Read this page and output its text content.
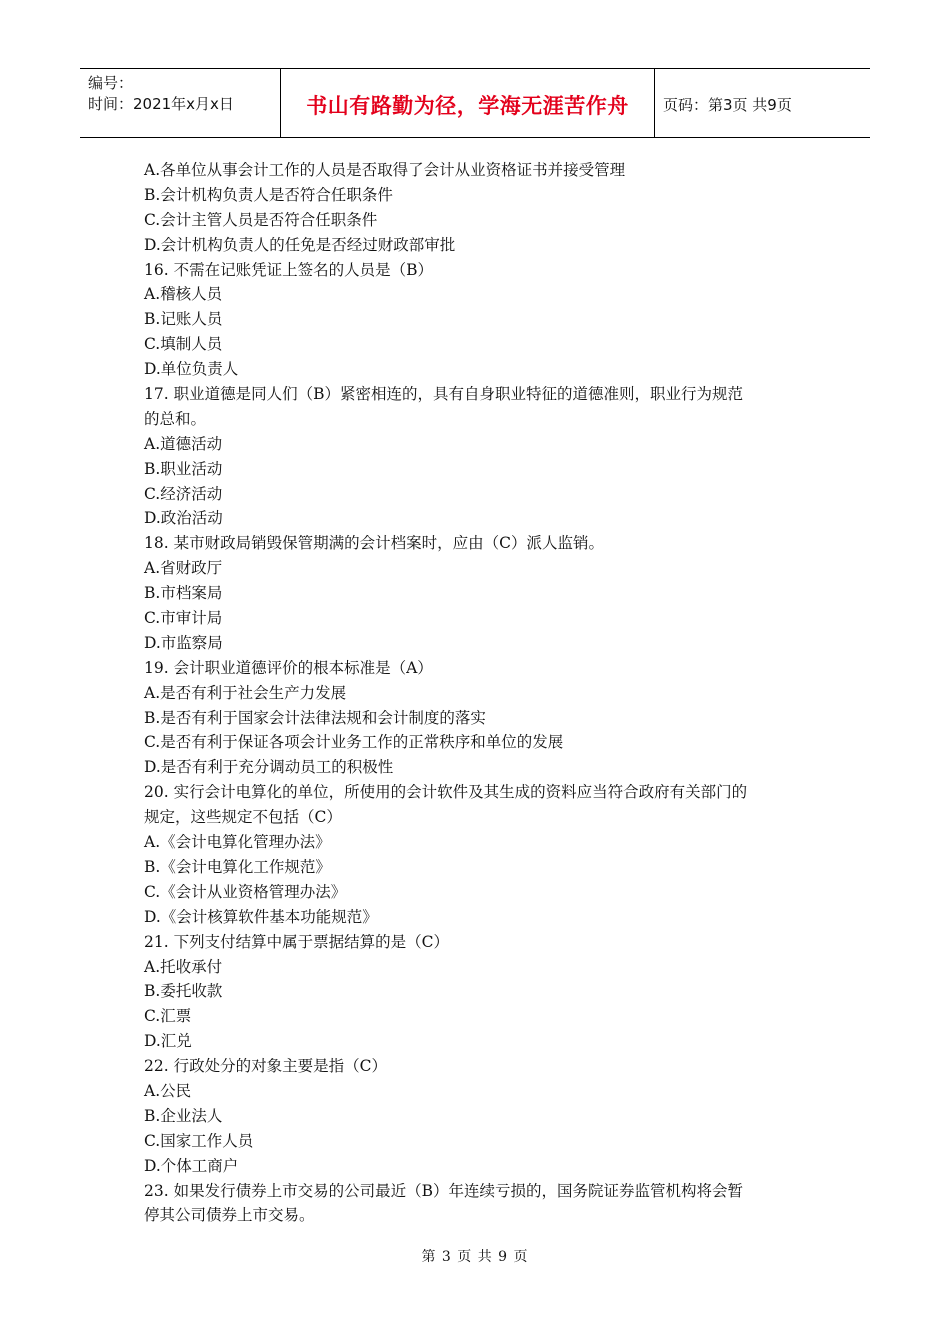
编号：
时间：2021年x月x日	书山有路勤为径，学海无涯苦作舟 页码：第3页 共9页
A.各单位从事会计工作的人员是否取得了会计从业资格证书并接受管理
B.会计机构负责人是否符合任职条件
C.会计主管人员是否符合任职条件
D.会计机构负责人的任免是否经过财政部审批
16. 不需在记账凭证上签名的人员是（B）
A.稽核人员
B.记账人员
C.填制人员
D.单位负责人
17. 职业道德是同人们（B）紧密相连的，具有自身职业特征的道德准则，职业行为规范
的总和。
A.道德活动
B.职业活动
C.经济活动
D.政治活动
18. 某市财政局销毁保管期满的会计档案时，应由（C）派人监销。
A.省财政厅
B.市档案局
C.市审计局
D.市监察局
19. 会计职业道德评价的根本标准是（A）
A.是否有利于社会生产力发展
B.是否有利于国家会计法律法规和会计制度的落实
C.是否有利于保证各项会计业务工作的正常秩序和单位的发展
D.是否有利于充分调动员工的积极性
20. 实行会计电算化的单位，所使用的会计软件及其生成的资料应当符合政府有关部门的
规定，这些规定不包括（C）
A.《会计电算化管理办法》
B.《会计电算化工作规范》
C.《会计从业资格管理办法》
D.《会计核算软件基本功能规范》
21. 下列支付结算中属于票据结算的是（C）
A.托收承付
B.委托收款
C.汇票
D.汇兑
22. 行政处分的对象主要是指（C）
A.公民
B.企业法人
C.国家工作人员
D.个体工商户
23. 如果发行债券上市交易的公司最近（B）年连续亏损的，国务院证券监管机构将会暂
停其公司债券上市交易。
第 3 页 共 9 页
